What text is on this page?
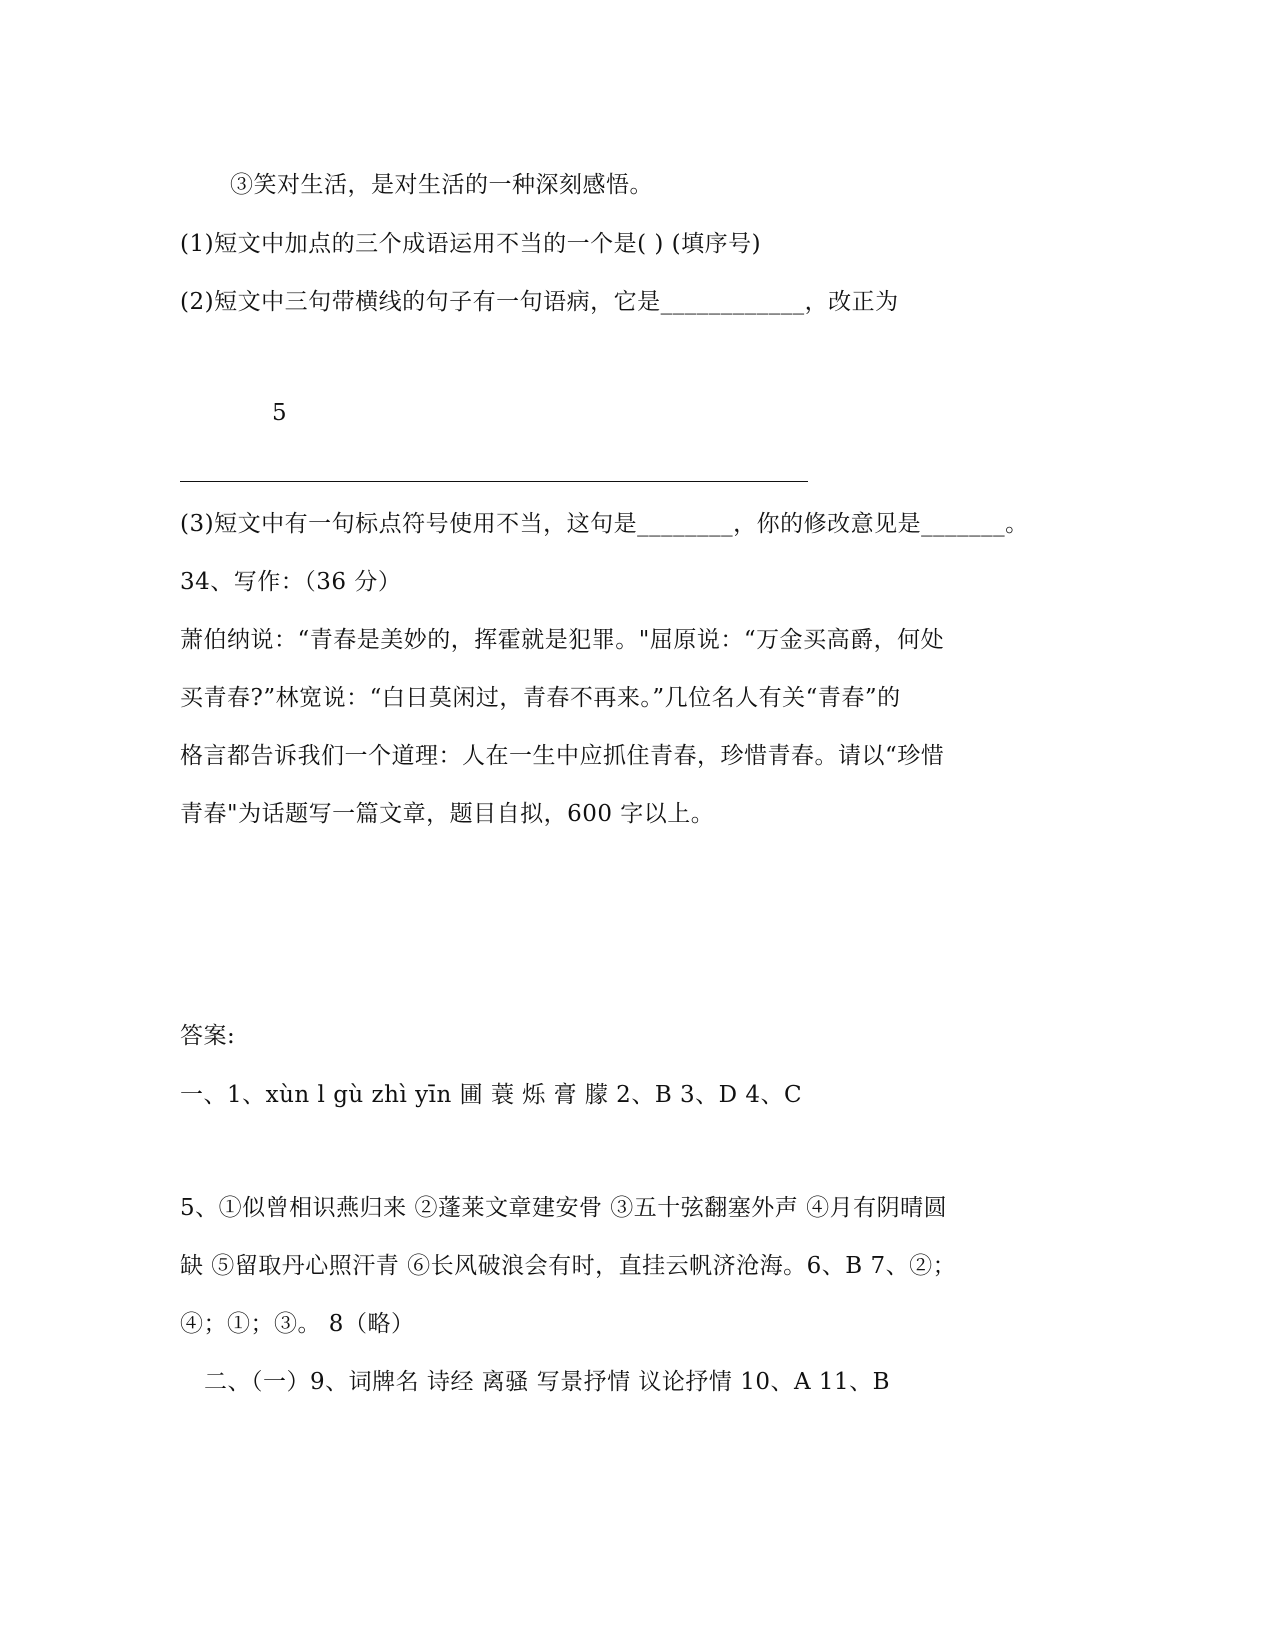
③笑对生活，是对生活的一种深刻感悟。
(1)短文中加点的三个成语运用不当的一个是( ) (填序号)
(2)短文中三句带横线的句子有一句语病，它是____________，改正为
5
(3)短文中有一句标点符号使用不当，这句是________，你的修改意见是_______。
34、写作：（36 分）
萧伯纳说：“青春是美妙的，挥霍就是犯罪。"屈原说：“万金买高爵，何处
买青春?”林宽说：“白日莫闲过，青春不再来。”几位名人有关“青春”的
格言都告诉我们一个道理：人在一生中应抓住青春，珍惜青春。请以“珍惜
青春"为话题写一篇文章，题目自拟，600 字以上。
答案:
一、1、xùn l gù zhì yīn 圃 蓑 烁 膏 朦 2、B 3、D 4、C
5、①似曾相识燕归来 ②蓬莱文章建安骨 ③五十弦翻塞外声 ④月有阴晴圆
缺 ⑤留取丹心照汗青 ⑥长风破浪会有时，直挂云帆济沧海。6、B 7、②；
④；①；③。 8（略）
二、（一）9、词牌名 诗经 离骚 写景抒情 议论抒情 10、A 11、B
